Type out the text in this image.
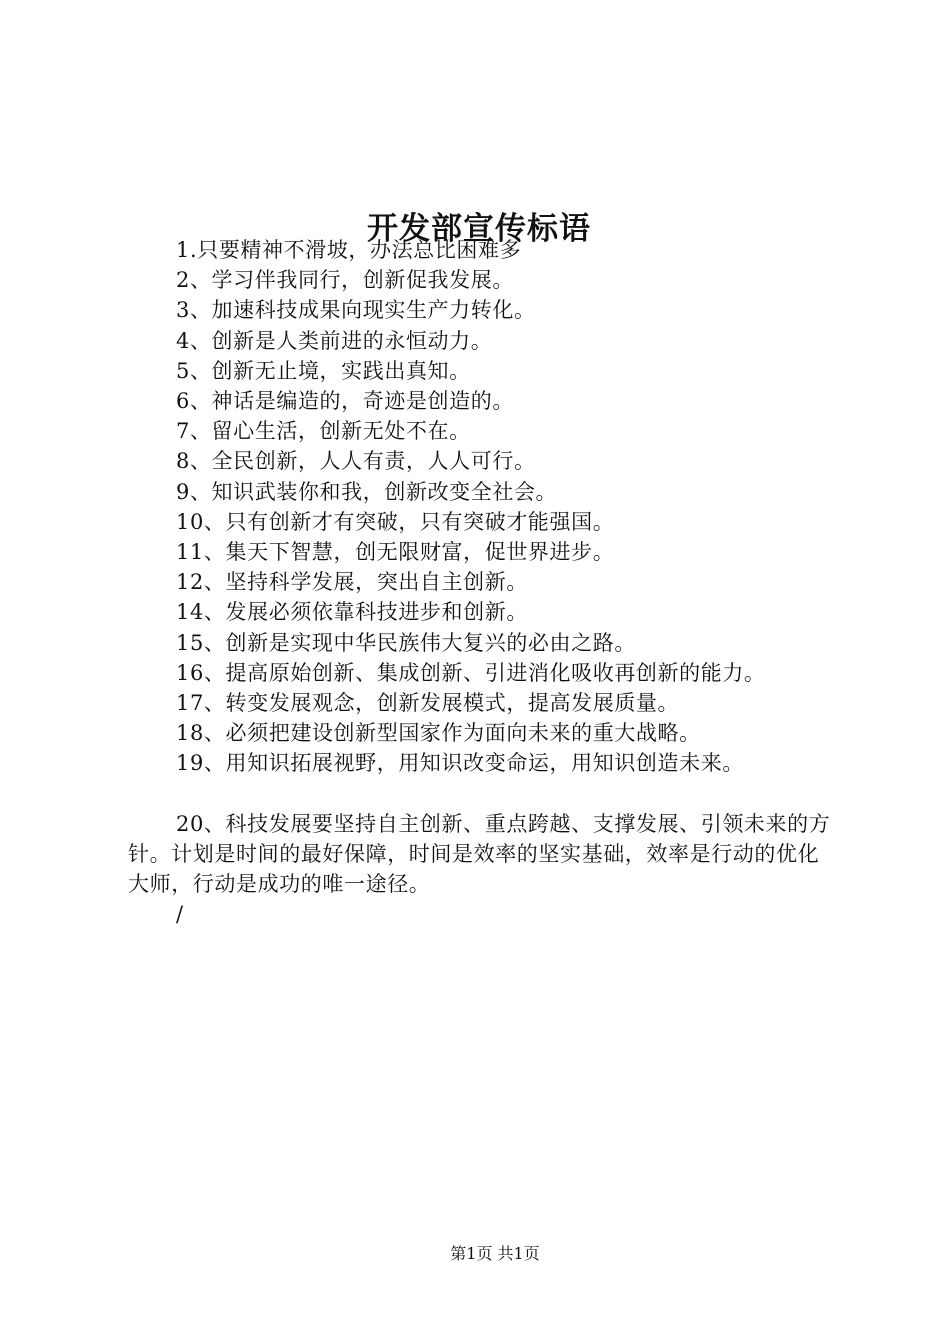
开发部宣传标语

1.只要精神不滑坡，办法总比困难多

2、学习伴我同行，创新促我发展。

3、加速科技成果向现实生产力转化。

4、创新是人类前进的永恒动力。

5、创新无止境，实践出真知。

6、神话是编造的，奇迹是创造的。

7、留心生活，创新无处不在。

8、全民创新，人人有责，人人可行。

9、知识武装你和我，创新改变全社会。

10、只有创新才有突破，只有突破才能强国。

11、集天下智慧，创无限财富，促世界进步。

12、坚持科学发展，突出自主创新。

14、发展必须依靠科技进步和创新。

15、创新是实现中华民族伟大复兴的必由之路。

16、提高原始创新、集成创新、引进消化吸收再创新的能力。

17、转变发展观念，创新发展模式，提高发展质量。

18、必须把建设创新型国家作为面向未来的重大战略。

19、用知识拓展视野，用知识改变命运，用知识创造未来。

20、科技发展要坚持自主创新、重点跨越、支撑发展、引领未来的方针。计划是时间的最好保障，时间是效率的坚实基础，效率是行动的优化大师，行动是成功的唯一途径。

/

第1页 共1页
